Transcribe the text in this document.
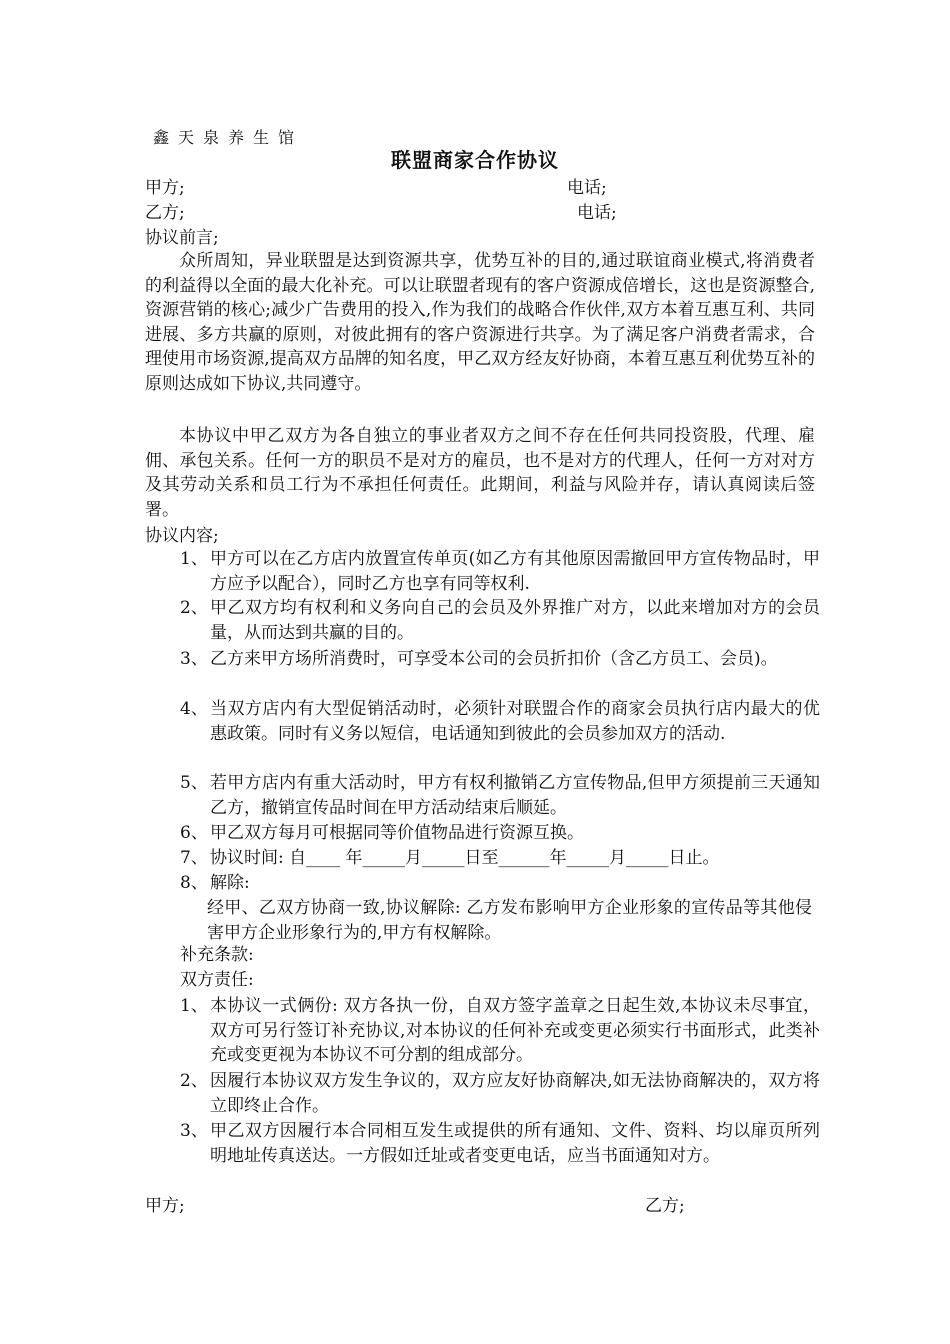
鑫天泉养生馆
联盟商家合作协议
甲方;	电话;
乙方;	电话;
协议前言;
众所周知，异业联盟是达到资源共享，优势互补的目的,通过联谊商业模式,将消费者的利益得以全面的最大化补充。可以让联盟者现有的客户资源成倍增长，这也是资源整合,资源营销的核心;减少广告费用的投入,作为我们的战略合作伙伴,双方本着互惠互利、共同进展、多方共赢的原则，对彼此拥有的客户资源进行共享。为了满足客户消费者需求，合理使用市场资源,提高双方品牌的知名度，甲乙双方经友好协商，本着互惠互利优势互补的原则达成如下协议,共同遵守。
本协议中甲乙双方为各自独立的事业者双方之间不存在任何共同投资股，代理、雇佣、承包关系。任何一方的职员不是对方的雇员，也不是对方的代理人，任何一方对对方及其劳动关系和员工行为不承担任何责任。此期间，利益与风险并存，请认真阅读后签署。
协议内容;
1、 甲方可以在乙方店内放置宣传单页(如乙方有其他原因需撤回甲方宣传物品时，甲方应予以配合），同时乙方也享有同等权利.
2、 甲乙双方均有权利和义务向自己的会员及外界推广对方，以此来增加对方的会员量，从而达到共赢的目的。
3、 乙方来甲方场所消费时，可享受本公司的会员折扣价（含乙方员工、会员)。
4、 当双方店内有大型促销活动时，必须针对联盟合作的商家会员执行店内最大的优惠政策。同时有义务以短信，电话通知到彼此的会员参加双方的活动.
5、 若甲方店内有重大活动时，甲方有权利撤销乙方宣传物品,但甲方须提前三天通知乙方，撤销宣传品时间在甲方活动结束后顺延。
6、 甲乙双方每月可根据同等价值物品进行资源互换。
7、 协议时间: 自____ 年_____月_____日至______年_____月_____日止。
8、 解除:
经甲、乙双方协商一致,协议解除: 乙方发布影响甲方企业形象的宣传品等其他侵害甲方企业形象行为的,甲方有权解除。
补充条款:
双方责任:
1、 本协议一式俩份: 双方各执一份，自双方签字盖章之日起生效,本协议未尽事宜，双方可另行签订补充协议,对本协议的任何补充或变更必须实行书面形式，此类补充或变更视为本协议不可分割的组成部分。
2、 因履行本协议双方发生争议的，双方应友好协商解决,如无法协商解决的，双方将立即终止合作。
3、 甲乙双方因履行本合同相互发生或提供的所有通知、文件、资料、均以扉页所列明地址传真送达。一方假如迁址或者变更电话，应当书面通知对方。
甲方;	乙方;
